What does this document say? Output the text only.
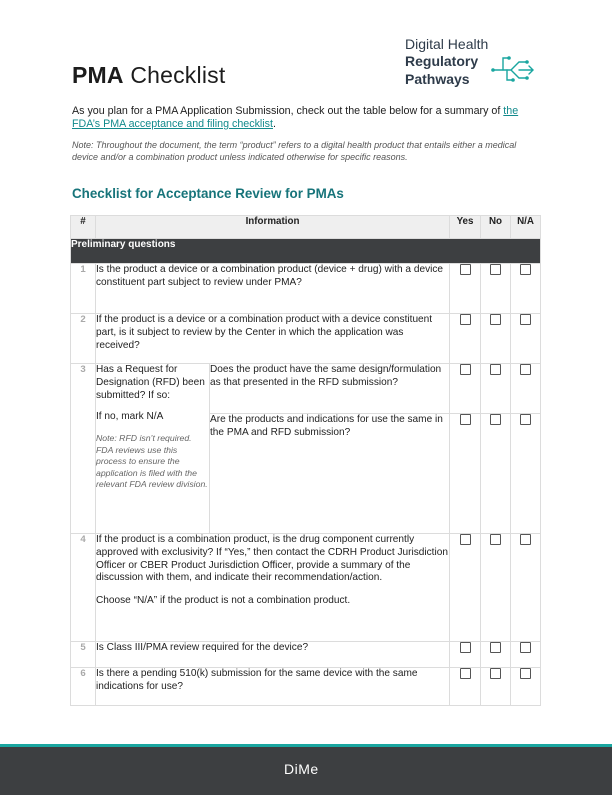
PMA Checklist
Digital Health
Regulatory
Pathways

As you plan for a PMA Application Submission, check out the table below for a summary of the FDA’s PMA acceptance and filing checklist.

Note: Throughout the document, the term “product” refers to a digital health product that entails either a medical device and/or a combination product unless indicated otherwise for specific reasons.

Checklist for Acceptance Review for PMAs
#	Information		Yes	No	N/A
Preliminary questions					
1	Is the product a device or a combination product (device + drug) with a device constituent part subject to review under PMA?				
2	If the product is a device or a combination product with a device constituent part, is it subject to review by the Center in which the application was received?				
3	Has a Request for Designation (RFD) been submitted? If so:

If no, mark N/A

Note: RFD isn’t required. FDA reviews use this process to ensure the application is filed with the relevant FDA review division.	Does the product have the same design/formulation as that presented in the RFD submission?			
		Are the products and indications for use the same in the PMA and RFD submission?			
4	If the product is a combination product, is the drug component currently approved with exclusivity? If “Yes,” then contact the CDRH Product Jurisdiction Officer or CBER Product Jurisdiction Officer, provide a summary of the discussion with them, and indicate their recommendation/action.

Choose “N/A” if the product is not a combination product.				

5	Is Class III/PMA review required for the device?				
6	Is there a pending 510(k) submission for the same device with the same indications for use?				
DiMe
